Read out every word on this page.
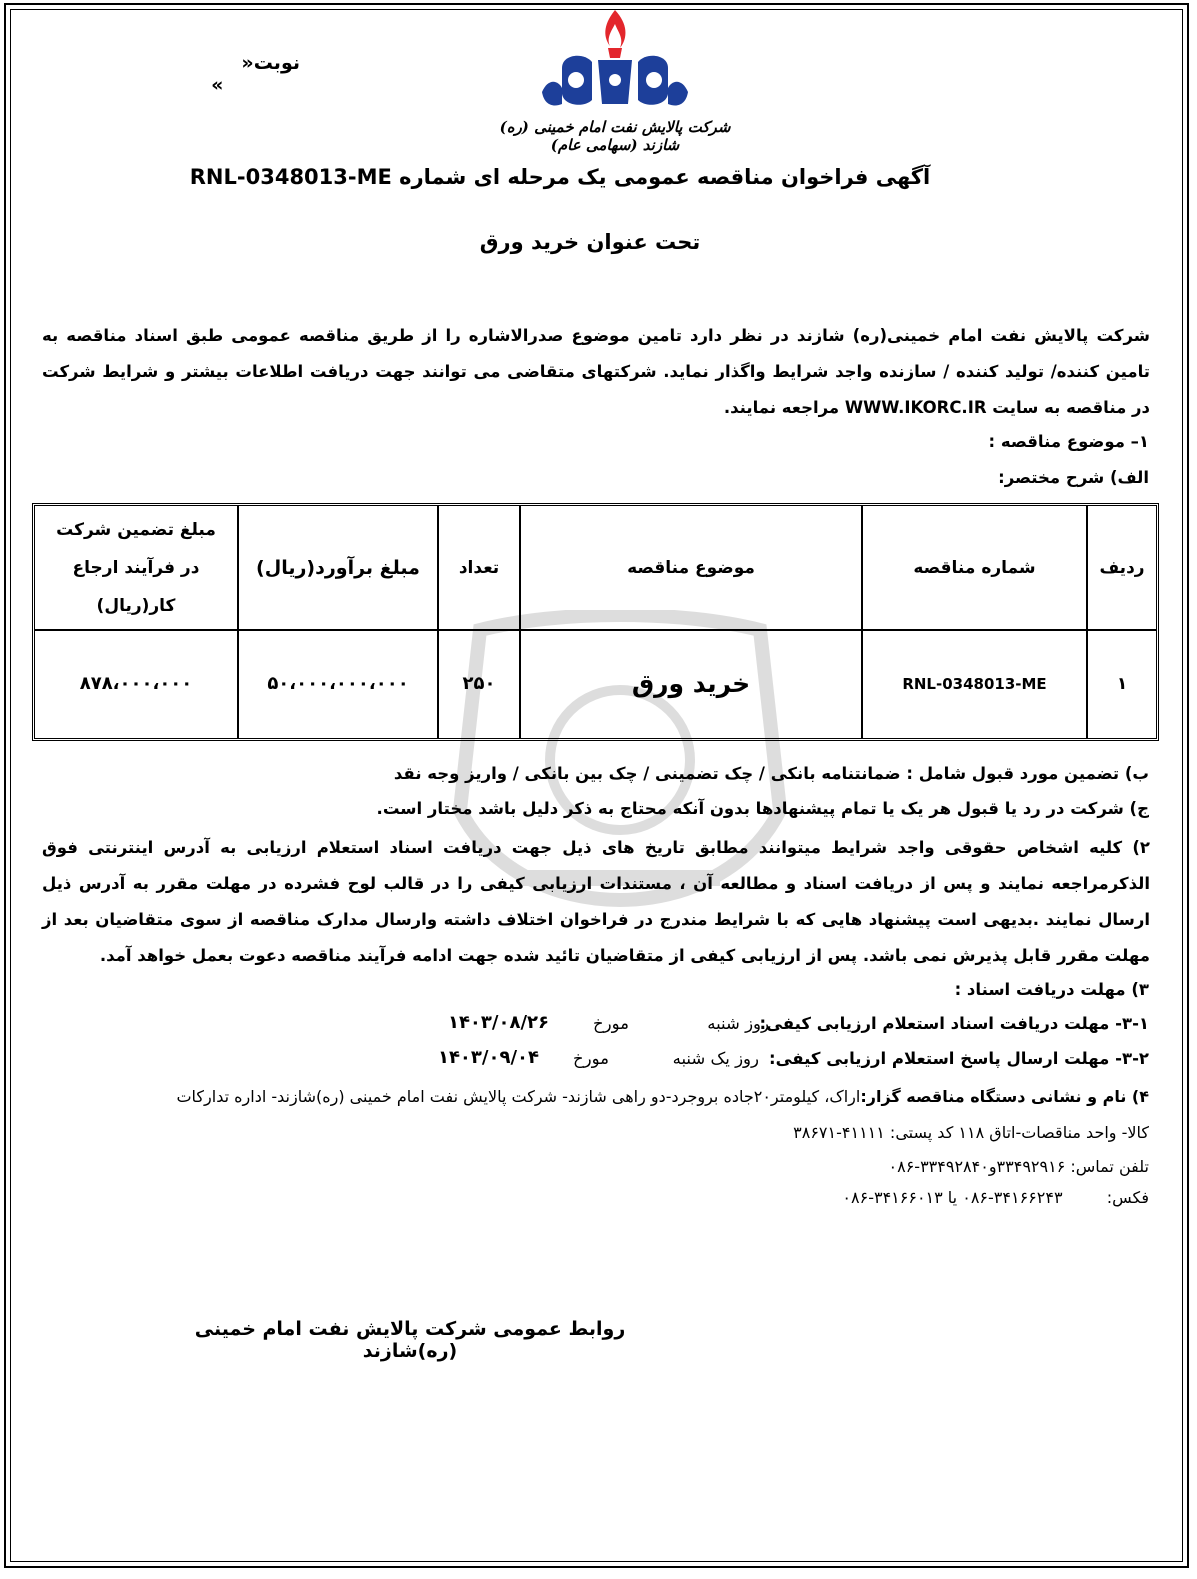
نوبت«  »
شرکت پالایش نفت امام خمینی (ره) شازند (سهامی عام)
آگهی فراخوان مناقصه عمومی یک مرحله ای شماره RNL-0348013-ME
تحت عنوان خرید ورق
شرکت پالایش نفت امام خمینی(ره) شازند در نظر دارد تامین موضوع صدرالاشاره را از طریق مناقصه عمومی طبق اسناد مناقصه به تامین کننده/ تولید کننده / سازنده واجد شرایط واگذار نماید. شرکتهای متقاضی می توانند جهت دریافت اطلاعات بیشتر و شرایط شرکت در مناقصه به سایت WWW.IKORC.IR مراجعه نمایند.
۱– موضوع مناقصه :
الف) شرح مختصر:
ردیف
شماره مناقصه
موضوع مناقصه
تعداد
مبلغ برآورد(ریال)
مبلغ تضمین شرکت در فرآیند ارجاع کار(ریال)
۱
RNL-0348013-ME
خرید ورق
۲۵۰
۵۰،۰۰۰،۰۰۰،۰۰۰
۸۷۸،۰۰۰،۰۰۰
ب) تضمین مورد قبول شامل : ضمانتنامه بانکی / چک تضمینی / چک بین بانکی / واریز وجه نقد
ج) شرکت در رد یا قبول هر یک یا تمام پیشنهادها بدون آنکه محتاج به ذکر دلیل باشد مختار است.
۲) کلیه اشخاص حقوقی واجد شرایط میتوانند مطابق تاریخ های ذیل جهت دریافت اسناد استعلام ارزیابی به آدرس اینترنتی فوق الذکرمراجعه نمایند و پس از دریافت اسناد و مطالعه آن ، مستندات ارزیابی کیفی را در قالب لوح فشرده در مهلت مقرر به آدرس ذیل ارسال نمایند .بدیهی است پیشنهاد هایی که با شرایط مندرج در فراخوان اختلاف داشته وارسال مدارک مناقصه از سوی متقاضیان بعد از مهلت مقرر قابل پذیرش نمی باشد. پس از ارزیابی کیفی از متقاضیان تائید شده جهت ادامه فرآیند مناقصه دعوت بعمل خواهد آمد.
۳) مهلت دریافت اسناد :
۳-۱- مهلت دریافت اسناد استعلام ارزیابی کیفی:
روز شنبه
مورخ
۱۴۰۳/۰۸/۲۶
۳-۲- مهلت ارسال پاسخ استعلام ارزیابی کیفی:
روز یک شنبه
مورخ
۱۴۰۳/۰۹/۰۴
۴) نام و نشانی دستگاه مناقصه گزار:اراک، کیلومتر۲۰جاده بروجرد-دو راهی شازند- شرکت پالایش نفت امام خمینی (ره)شازند- اداره تدارکات
کالا- واحد مناقصات-اتاق ۱۱۸ کد پستی: ۴۱۱۱۱-۳۸۶۷۱
تلفن تماس: ۳۳۴۹۲۹۱۶و۳۳۴۹۲۸۴۰-۰۸۶
فکس:  ۳۴۱۶۶۲۴۳-۰۸۶ یا ۳۴۱۶۶۰۱۳-۰۸۶
روابط عمومی شرکت پالایش نفت امام خمینی (ره)شازند
